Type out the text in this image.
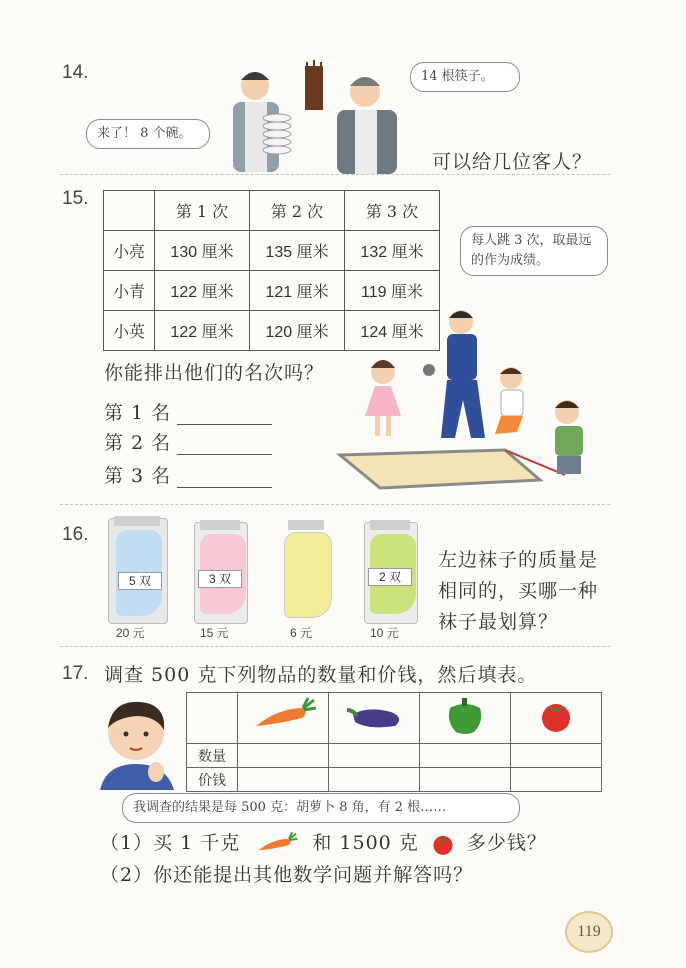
14.
来了！ 8 个碗。
14 根筷子。
可以给几位客人？
15.
	第 1 次	第 2 次	第 3 次
小亮	130 厘米	135 厘米	132 厘米
小青	122 厘米	121 厘米	119 厘米
小英	122 厘米	120 厘米	124 厘米
每人跳 3 次，取最远的作为成绩。
你能排出他们的名次吗？
第 1 名
第 2 名
第 3 名
16.
5 双
20 元
3 双
15 元	6 元
2 双
10 元
左边袜子的质量是相同的，买哪一种袜子最划算？
17. 调查 500 克下列物品的数量和价钱，然后填表。

数量				
价钱				
我调查的结果是每 500 克：胡萝卜 8 角，有 2 根……
（1）买 1 千克	和 1500 克	多少钱？
（2）你还能提出其他数学问题并解答吗？
119
